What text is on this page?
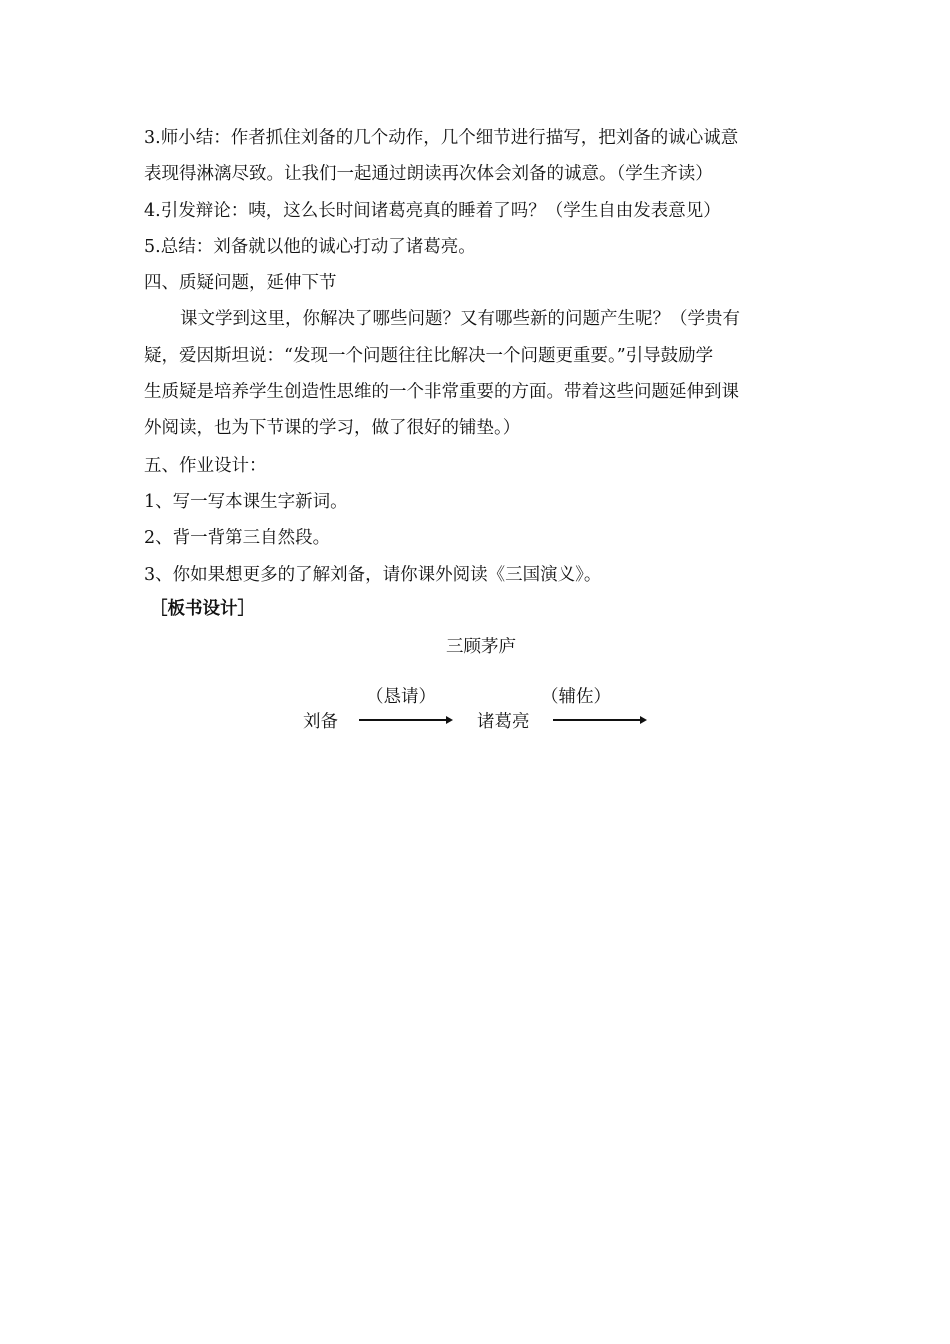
3.师小结：作者抓住刘备的几个动作，几个细节进行描写，把刘备的诚心诚意
表现得淋漓尽致。让我们一起通过朗读再次体会刘备的诚意。（学生齐读）
4.引发辩论：咦，这么长时间诸葛亮真的睡着了吗？（学生自由发表意见）
5.总结：刘备就以他的诚心打动了诸葛亮。
四、质疑问题，延伸下节
课文学到这里，你解决了哪些问题？又有哪些新的问题产生呢？（学贵有
疑，爱因斯坦说：“发现一个问题往往比解决一个问题更重要。”引导鼓励学
生质疑是培养学生创造性思维的一个非常重要的方面。带着这些问题延伸到课
外阅读，也为下节课的学习，做了很好的铺垫。）
五、作业设计：
1、写一写本课生字新词。
2、背一背第三自然段。
3、你如果想更多的了解刘备，请你课外阅读《三国演义》。
［板书设计］
三顾茅庐
（恳请）	（辅佐）
刘备	诸葛亮
